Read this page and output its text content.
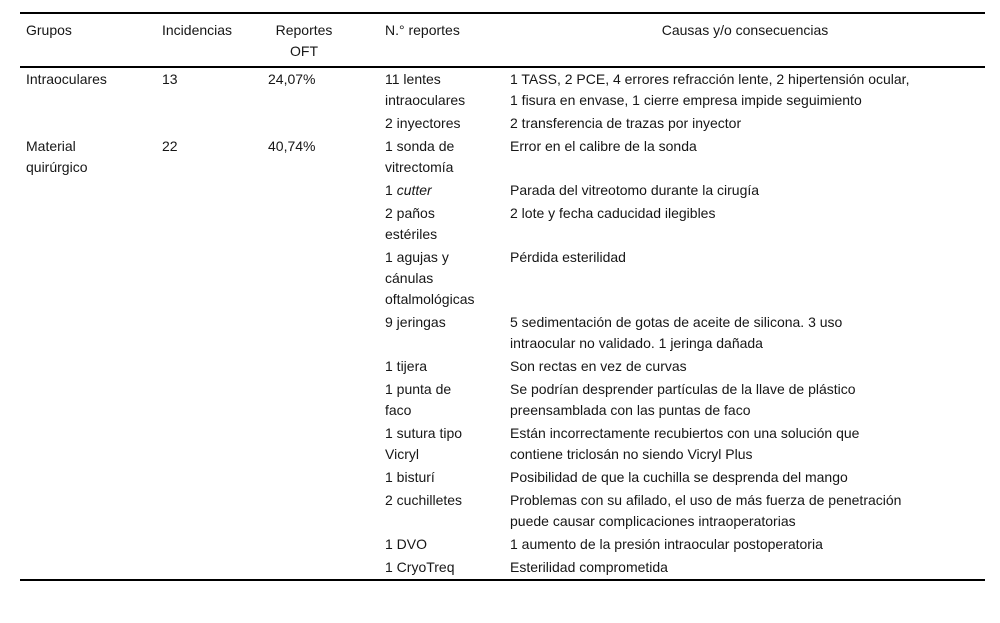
Grupos	Incidencias	Reportes OFT	N.° reportes	Causas y/o consecuencias

Intraoculares	13	24,07%	11 lentes intraoculares	1 TASS, 2 PCE, 4 errores refracción lente, 2 hipertensión ocular, 1 fisura en envase, 1 cierre empresa impide seguimiento

			2 inyectores	2 transferencia de trazas por inyector

Material quirúrgico	22	40,74%	1 sonda de vitrectomía	Error en el calibre de la sonda

			1 cutter	Parada del vitreotomo durante la cirugía

			2 paños estériles	2 lote y fecha caducidad ilegibles

			1 agujas y cánulas oftalmológicas	Pérdida esterilidad

			9 jeringas	5 sedimentación de gotas de aceite de silicona. 3 uso intraocular no validado. 1 jeringa dañada

			1 tijera	Son rectas en vez de curvas

			1 punta de faco	Se podrían desprender partículas de la llave de plástico preensamblada con las puntas de faco

			1 sutura tipo Vicryl	Están incorrectamente recubiertos con una solución que contiene triclosán no siendo Vicryl Plus

			1 bisturí	Posibilidad de que la cuchilla se desprenda del mango

			2 cuchilletes	Problemas con su afilado, el uso de más fuerza de penetración puede causar complicaciones intraoperatorias

			1 DVO	1 aumento de la presión intraocular postoperatoria

			1 CryoTreq	Esterilidad comprometida
